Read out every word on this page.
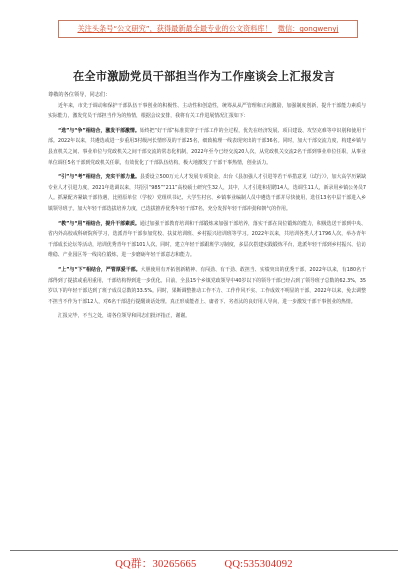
关注头条号“公文研究”，获得最新最全最专业的公文资料库！ 微信：gongwenyj
在全市激励党员干部担当作为工作座谈会上汇报发言

尊敬的各位领导，同志们：

近年来，市先于调动和保护干部队伍干事创业的积极性、主动性和创造性，统筹从从严管理和正向激励，加强制度创新，提升干部能力素质与实际能力，激发党员干部担当作为的热情，根据会议安排，我将有关工作进展情况汇报如下：

“选”与“争”相结合，激发干部激情。始终把“好干部”标准贯穿于干部工作的全过程，优先在经济发展、项目建设、攻坚克难等中识别和使用干部。2022年以来，共遴选或进一步重用3村级河长情形及的干部25名，细致梳理一线表现突出的干部36名。同时，加大干部交流力度，构建乡镇与县直机关之间、事业单位与党政机关之间干部交流的常态化机制，2022年至今已经交流20人次，从党政机关交流2名干部到事业单位任职，从事业单位调任5名干部到党政机关任职，有效优化了干部队伍结构，极大地激发了干部干事热情，创业活力。

“引”与“考”相结合，充实干部力量。县委设立500万元人才发展专项资金，出台《县加强人才引进等若干举措意见（试行）》，加大高学历紧缺专业人才引进力度，2021年选调以来，共招引“985”“211”高校硕士研究生32人，其中，人才引进和招聘14人，选调生11人，新录用乡镇公务员7人。抓紧配齐紧缺干部待遇，比照原单位（学校）党组织书记、大学生村官、乡镇事业编制人员中遴选干部并尽快使用，选任13名中层干部进入乡镇领导班子。加大年轻干部选拔培养力度，已选拔推荐优秀年轻干部7名，充分发挥年轻干部冲劲和朝气的作用。

“教”与“用”相结合，提升干部素质。通过加强干部教育培训和干部锻炼来加强干部培养，落实干部在岗位锻炼的能力，积极选送干部到中央、省内外高校或科研院所学习，选派青年干部参加党校、扶贫培训班、乡村振兴培训班等学习。2022年以来，共培训各类人才1796人次，举办青年干部成长论坛等活动，培训优秀青年干部101人次。同时，建立年轻干部跟班学习制度，多层次搭建实践锻炼平台，选派年轻干部到乡村振兴、信访维稳、产业园区等一线岗位锻炼，进一步磨砺年轻干部意志和能力。

“上”与“下”相结合，严管厚爱干部。大胆使用有开拓创新精神、有闯劲、有干劲、敢担当、实绩突出的优秀干部，2022年以来，有180名干部得到了提拔或重用重用，干部结构得到进一步优化。目前，全县15个乡镇党政领导中40岁以下的领导干部已经占到了领导班子总数的62.3%，35岁以下的年轻干部达到了班子成员总数的33.5%。同时，果断调整推动工作不力、工作作风不实、工作成效不明显的干部，2022年以来，免去调整不担当不作为干部12人，对6名干部进行提醒谈话处理。真正形成能者上、庸者下、劣者汰的良好用人导向，进一步激发干部干事创业的热情。

汇报完毕，不当之处，请各位领导和同志们批评指正，谢谢。

QQ群：30265665	QQ:535304092
